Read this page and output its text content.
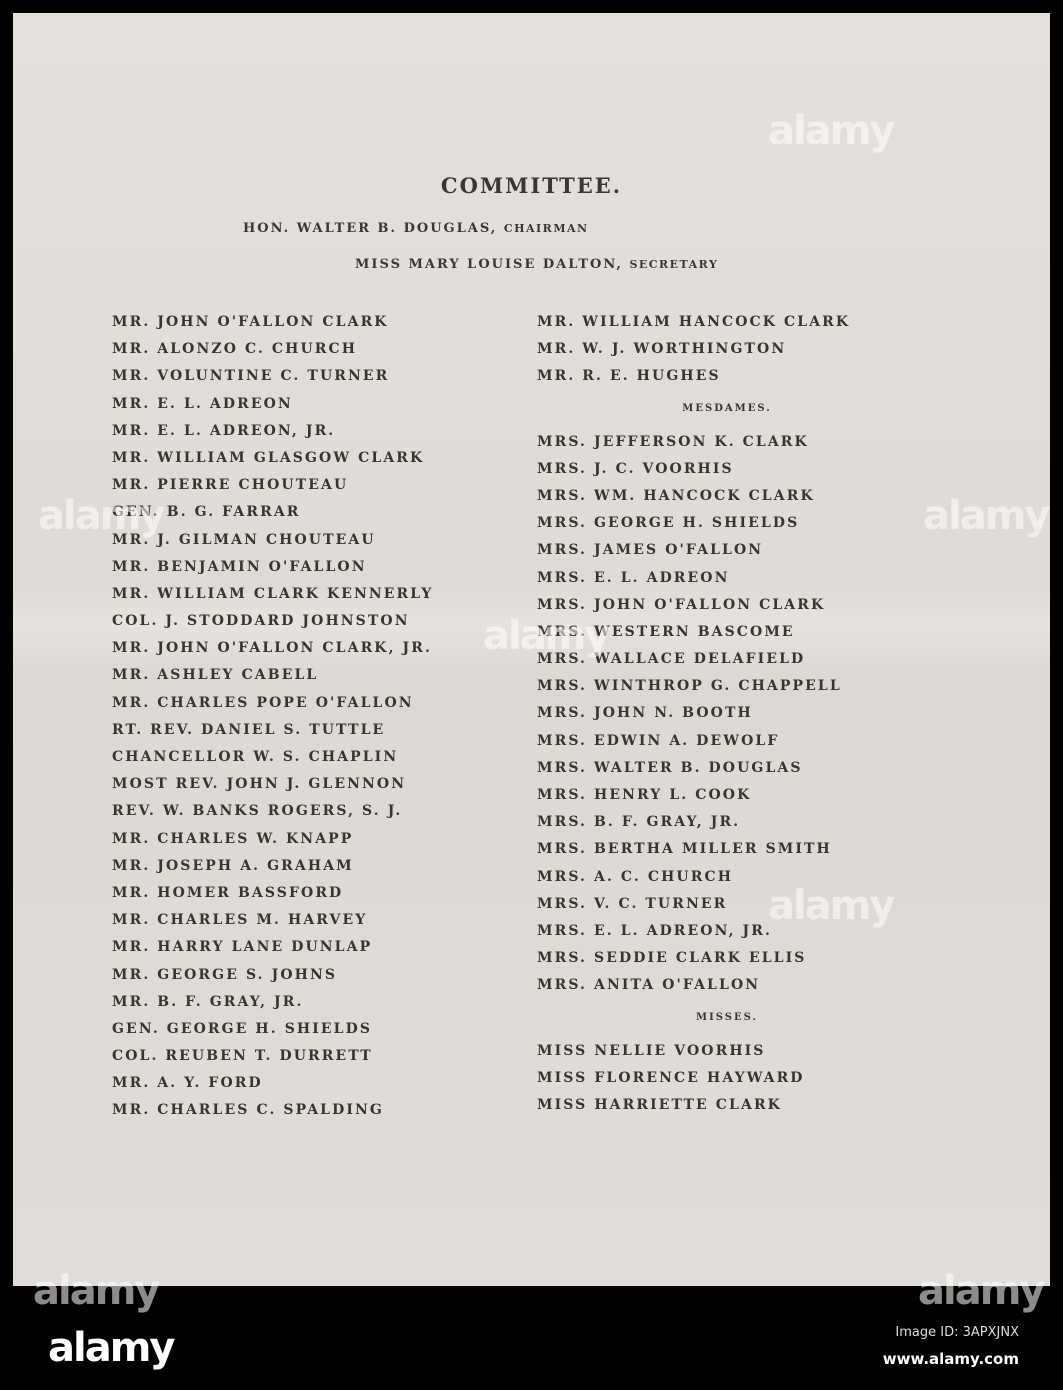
COMMITTEE.
HON. WALTER B. DOUGLAS, CHAIRMAN
MISS MARY LOUISE DALTON, SECRETARY
MR. JOHN O'FALLON CLARK
MR. ALONZO C. CHURCH
MR. VOLUNTINE C. TURNER
MR. E. L. ADREON
MR. E. L. ADREON, JR.
MR. WILLIAM GLASGOW CLARK
MR. PIERRE CHOUTEAU
GEN. B. G. FARRAR
MR. J. GILMAN CHOUTEAU
MR. BENJAMIN O'FALLON
MR. WILLIAM CLARK KENNERLY
COL. J. STODDARD JOHNSTON
MR. JOHN O'FALLON CLARK, JR.
MR. ASHLEY CABELL
MR. CHARLES POPE O'FALLON
RT. REV. DANIEL S. TUTTLE
CHANCELLOR W. S. CHAPLIN
MOST REV. JOHN J. GLENNON
REV. W. BANKS ROGERS, S. J.
MR. CHARLES W. KNAPP
MR. JOSEPH A. GRAHAM
MR. HOMER BASSFORD
MR. CHARLES M. HARVEY
MR. HARRY LANE DUNLAP
MR. GEORGE S. JOHNS
MR. B. F. GRAY, JR.
GEN. GEORGE H. SHIELDS
COL. REUBEN T. DURRETT
MR. A. Y. FORD
MR. CHARLES C. SPALDING
MR. WILLIAM HANCOCK CLARK
MR. W. J. WORTHINGTON
MR. R. E. HUGHES
MESDAMES.
MRS. JEFFERSON K. CLARK
MRS. J. C. VOORHIS
MRS. WM. HANCOCK CLARK
MRS. GEORGE H. SHIELDS
MRS. JAMES O'FALLON
MRS. E. L. ADREON
MRS. JOHN O'FALLON CLARK
MRS. WESTERN BASCOME
MRS. WALLACE DELAFIELD
MRS. WINTHROP G. CHAPPELL
MRS. JOHN N. BOOTH
MRS. EDWIN A. DEWOLF
MRS. WALTER B. DOUGLAS
MRS. HENRY L. COOK
MRS. B. F. GRAY, JR.
MRS. BERTHA MILLER SMITH
MRS. A. C. CHURCH
MRS. V. C. TURNER
MRS. E. L. ADREON, JR.
MRS. SEDDIE CLARK ELLIS
MRS. ANITA O'FALLON
MISSES.
MISS NELLIE VOORHIS
MISS FLORENCE HAYWARD
MISS HARRIETTE CLARK
alamy
alamy	alamy
alamy
alamy
alamy	alamy
alamy	Image ID: 3APXJNX
www.alamy.com
